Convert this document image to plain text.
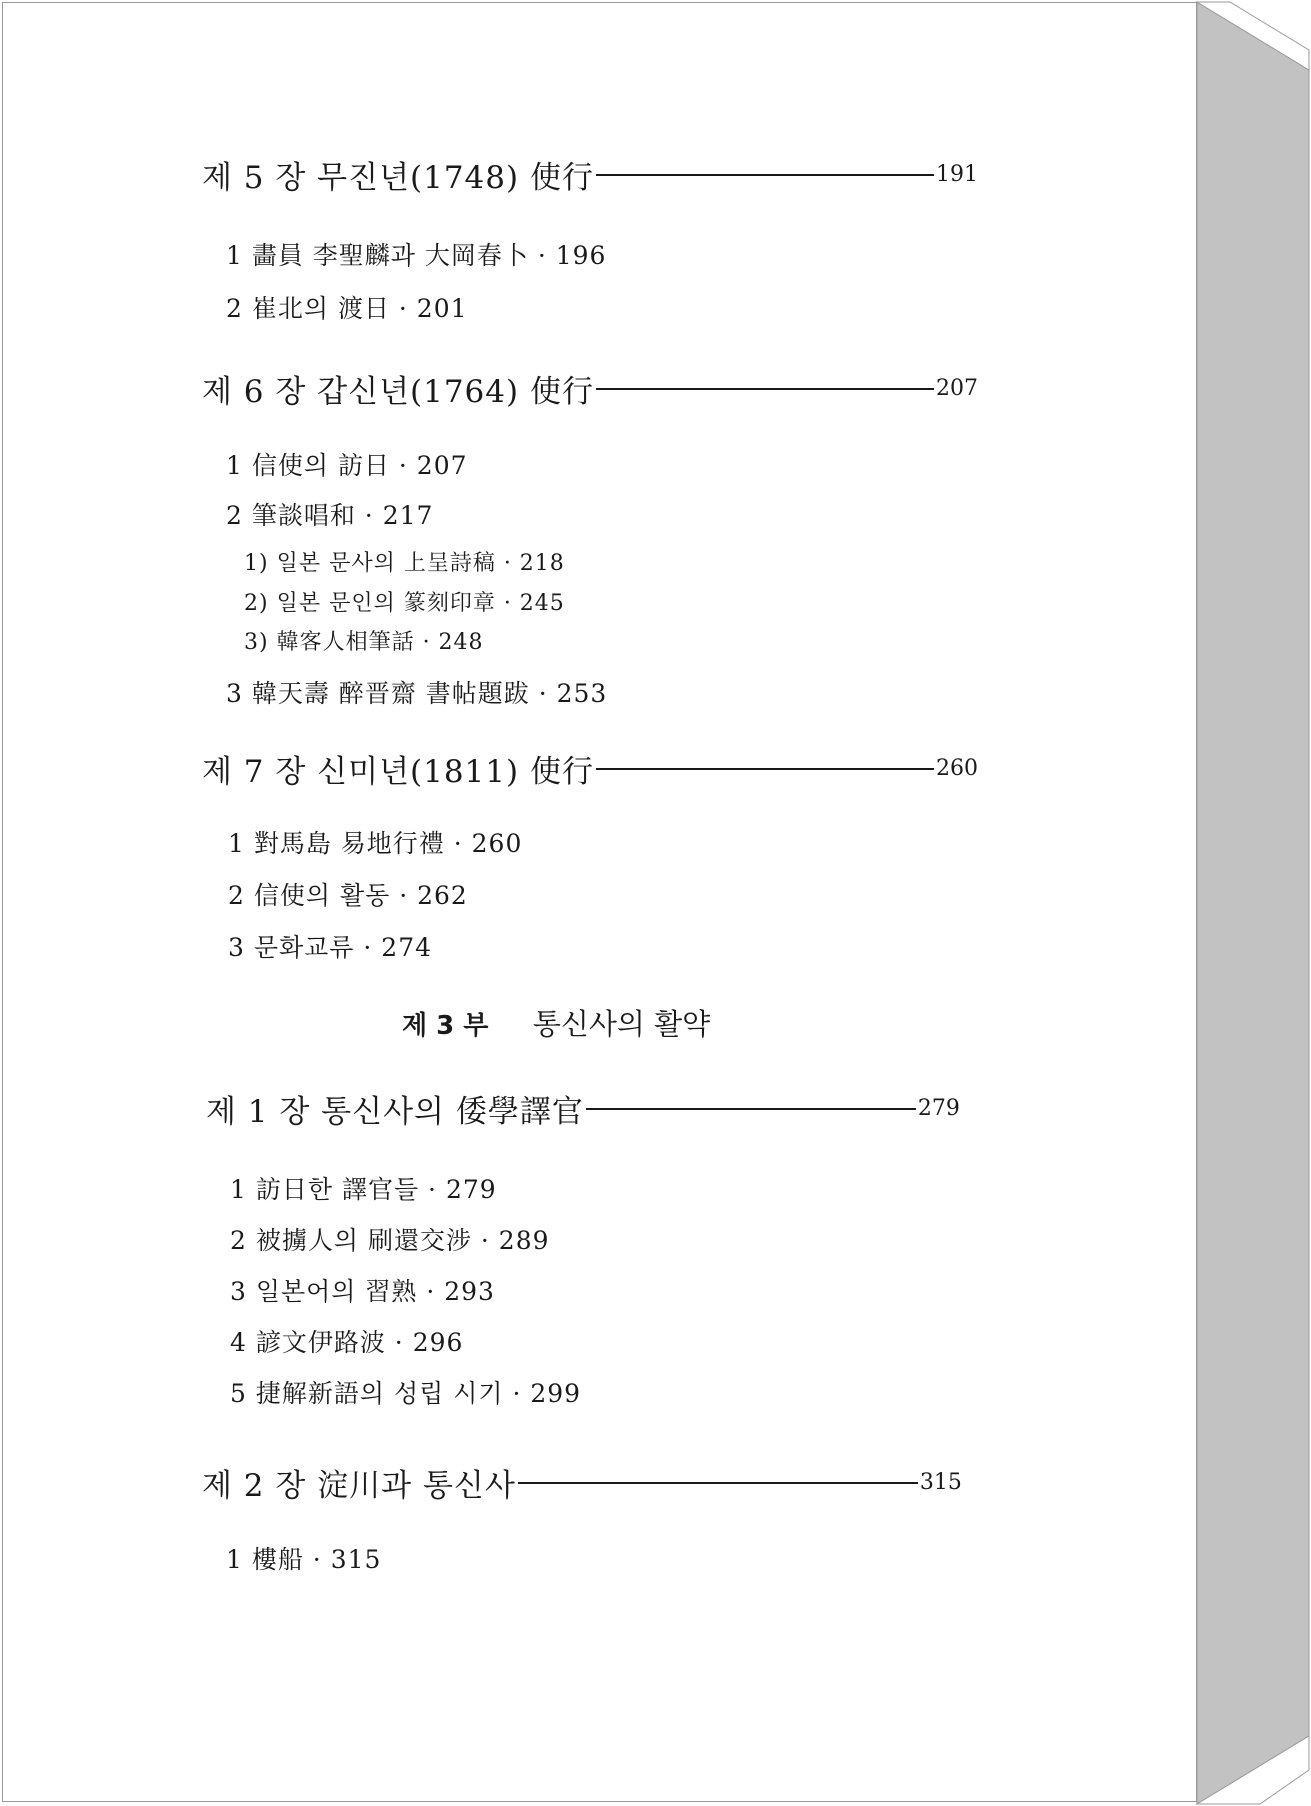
제 5 장 무진년(1748) 使行	191
1 畵員 李聖麟과 大岡春卜 · 196
2 崔北의 渡日 · 201
제 6 장 갑신년(1764) 使行	207
1 信使의 訪日 · 207
2 筆談唱和 · 217
1) 일본 문사의 上呈詩稿 · 218
2) 일본 문인의 篆刻印章 · 245
3) 韓客人相筆話 · 248
3 韓天壽 醉晋齋 書帖題跋 · 253
제 7 장 신미년(1811) 使行	260
1 對馬島 易地行禮 · 260
2 信使의 활동 · 262
3 문화교류 · 274
제 3 부 통신사의 활약
제 1 장 통신사의 倭學譯官	279
1 訪日한 譯官들 · 279
2 被擄人의 刷還交涉 · 289
3 일본어의 習熟 · 293
4 諺文伊路波 · 296
5 捷解新語의 성립 시기 · 299
제 2 장 淀川과 통신사	315
1 樓船 · 315
